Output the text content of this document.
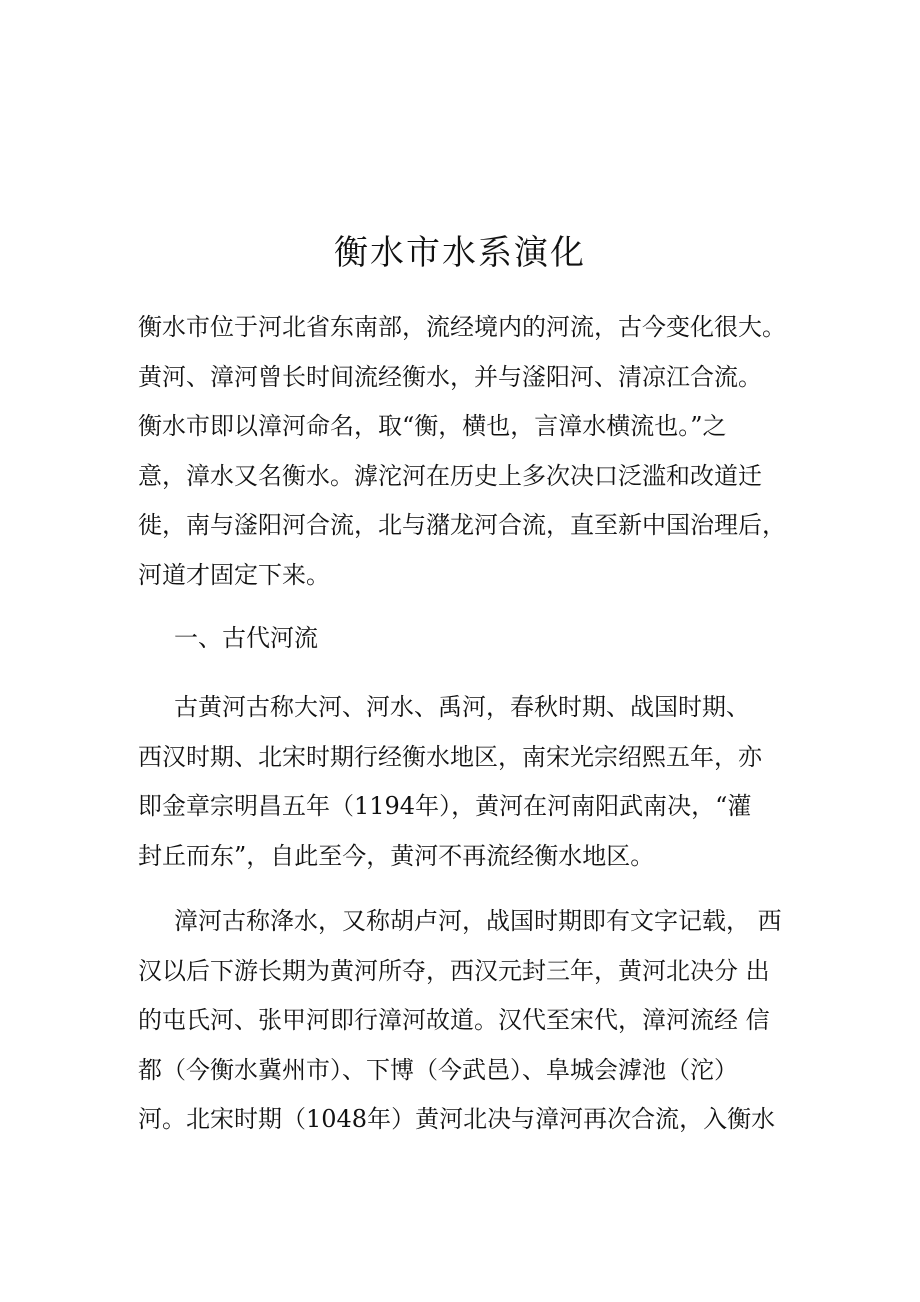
衡水市水系演化

衡水市位于河北省东南部，流经境内的河流，古今变化很大。
黄河、漳河曾长时间流经衡水，并与滏阳河、清凉江合流。
衡水市即以漳河命名，取“衡，横也，言漳水横流也。”之
意，漳水又名衡水。滹沱河在历史上多次决口泛滥和改道迁
徙，南与滏阳河合流，北与潴龙河合流，直至新中国治理后，
河道才固定下来。

一、古代河流

古黄河古称大河、河水、禹河，春秋时期、战国时期、
西汉时期、北宋时期行经衡水地区，南宋光宗绍熙五年，亦
即金章宗明昌五年（1194年），黄河在河南阳武南决，“灌
封丘而东”，自此至今，黄河不再流经衡水地区。

漳河古称洚水，又称胡卢河，战国时期即有文字记载， 西
汉以后下游长期为黄河所夺，西汉元封三年，黄河北决分 出
的屯氏河、张甲河即行漳河故道。汉代至宋代，漳河流经 信
都（今衡水冀州市）、下博（今武邑）、阜城会滹池（沱）
河。北宋时期（1048年）黄河北决与漳河再次合流，入衡水
